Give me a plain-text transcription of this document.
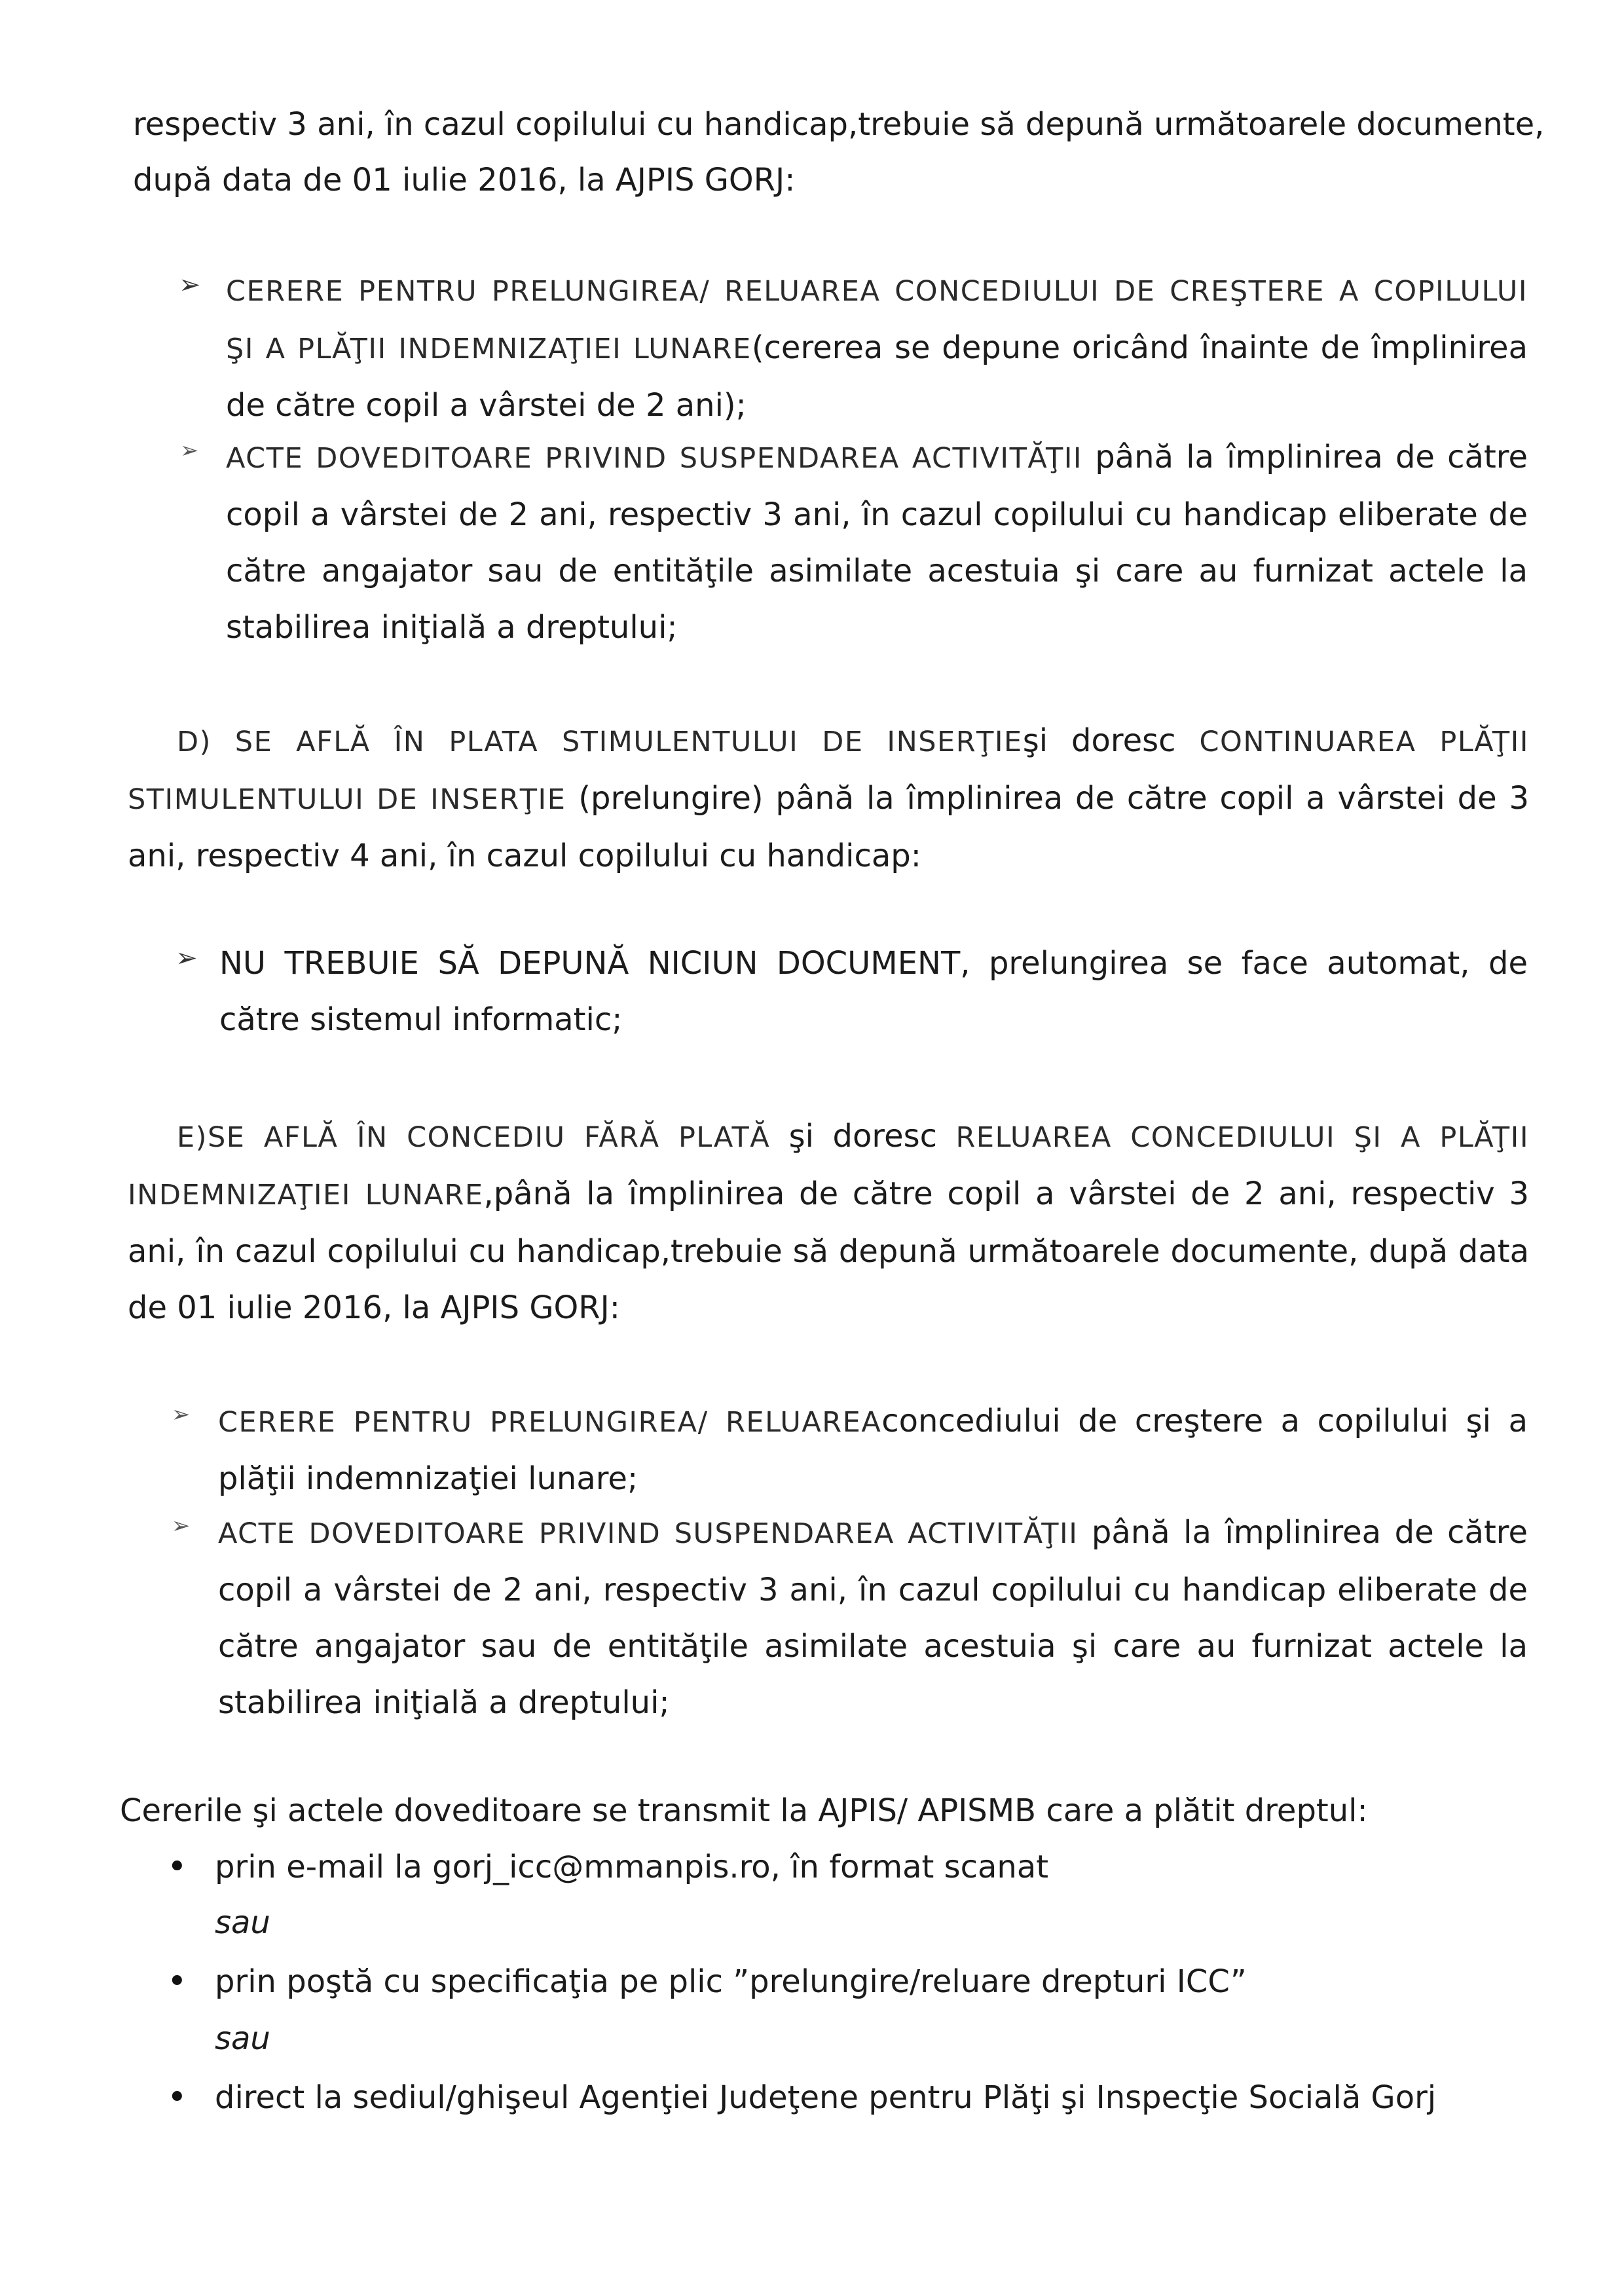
respectiv 3 ani, în cazul copilului cu handicap,trebuie să depună următoarele documente,
după data de 01 iulie 2016, la AJPIS GORJ:
➢ CERERE PENTRU PRELUNGIREA/ RELUAREA CONCEDIULUI DE CREŞTERE A COPILULUI ŞI A PLĂŢII INDEMNIZAŢIEI LUNARE(cererea se depune oricând înainte de împlinirea de către copil a vârstei de 2 ani);
➢ ACTE DOVEDITOARE PRIVIND SUSPENDAREA ACTIVITĂŢII până la împlinirea de către copil a vârstei de 2 ani, respectiv 3 ani, în cazul copilului cu handicap eliberate de către angajator sau de entităţile asimilate acestuia şi care au furnizat actele la stabilirea iniţială a dreptului;
D) SE AFLĂ ÎN PLATA STIMULENTULUI DE INSERŢIEşi doresc CONTINUAREA PLĂŢII STIMULENTULUI DE INSERŢIE (prelungire) până la împlinirea de către copil a vârstei de 3 ani, respectiv 4 ani, în cazul copilului cu handicap:
➢ NU TREBUIE SĂ DEPUNĂ NICIUN DOCUMENT, prelungirea se face automat, de către sistemul informatic;
E)SE AFLĂ ÎN CONCEDIU FĂRĂ PLATĂ şi doresc RELUAREA CONCEDIULUI ŞI A PLĂŢII INDEMNIZAŢIEI LUNARE,până la împlinirea de către copil a vârstei de 2 ani, respectiv 3 ani, în cazul copilului cu handicap,trebuie să depună următoarele documente, după data de 01 iulie 2016, la AJPIS GORJ:
➢ CERERE PENTRU PRELUNGIREA/ RELUAREAconcediului de creştere a copilului şi a plăţii indemnizaţiei lunare;
➢ ACTE DOVEDITOARE PRIVIND SUSPENDAREA ACTIVITĂŢII până la împlinirea de către copil a vârstei de 2 ani, respectiv 3 ani, în cazul copilului cu handicap eliberate de către angajator sau de entităţile asimilate acestuia şi care au furnizat actele la stabilirea iniţială a dreptului;
Cererile şi actele doveditoare se transmit la AJPIS/ APISMB care a plătit dreptul:
• prin e-mail la gorj_icc@mmanpis.ro, în format scanat
sau
• prin poştă cu specificaţia pe plic ”prelungire/reluare drepturi ICC”
sau
• direct la sediul/ghişeul Agenţiei Judeţene pentru Plăţi şi Inspecţie Socială Gorj
